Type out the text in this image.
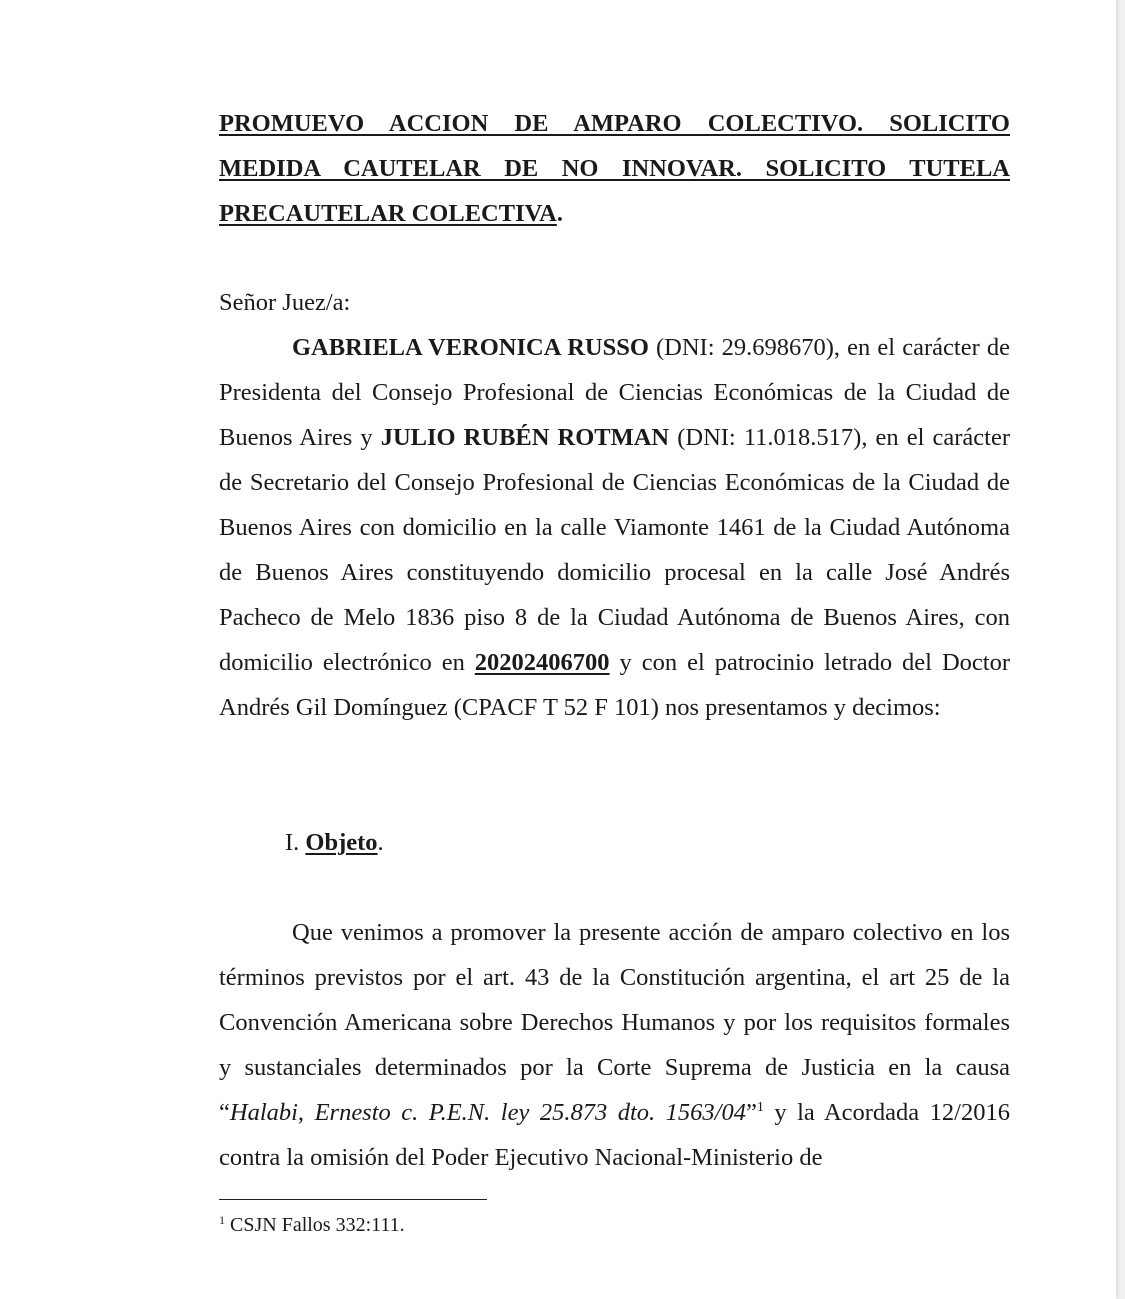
PROMUEVO ACCION DE AMPARO COLECTIVO. SOLICITO MEDIDA CAUTELAR DE NO INNOVAR. SOLICITO TUTELA PRECAUTELAR COLECTIVA.
Señor Juez/a:
GABRIELA VERONICA RUSSO (DNI: 29.698670), en el carácter de Presidenta del Consejo Profesional de Ciencias Económicas de la Ciudad de Buenos Aires y JULIO RUBÉN ROTMAN (DNI: 11.018.517), en el carácter de Secretario del Consejo Profesional de Ciencias Económicas de la Ciudad de Buenos Aires con domicilio en la calle Viamonte 1461 de la Ciudad Autónoma de Buenos Aires constituyendo domicilio procesal en la calle José Andrés Pacheco de Melo 1836 piso 8 de la Ciudad Autónoma de Buenos Aires, con domicilio electrónico en 20202406700 y con el patrocinio letrado del Doctor Andrés Gil Domínguez (CPACF T 52 F 101) nos presentamos y decimos:
I. Objeto.
Que venimos a promover la presente acción de amparo colectivo en los términos previstos por el art. 43 de la Constitución argentina, el art 25 de la Convención Americana sobre Derechos Humanos y por los requisitos formales y sustanciales determinados por la Corte Suprema de Justicia en la causa “Halabi, Ernesto c. P.E.N. ley 25.873 dto. 1563/04”$^1$ y la Acordada 12/2016 contra la omisión del Poder Ejecutivo Nacional-Ministerio de
$^1$ CSJN Fallos 332:111.
